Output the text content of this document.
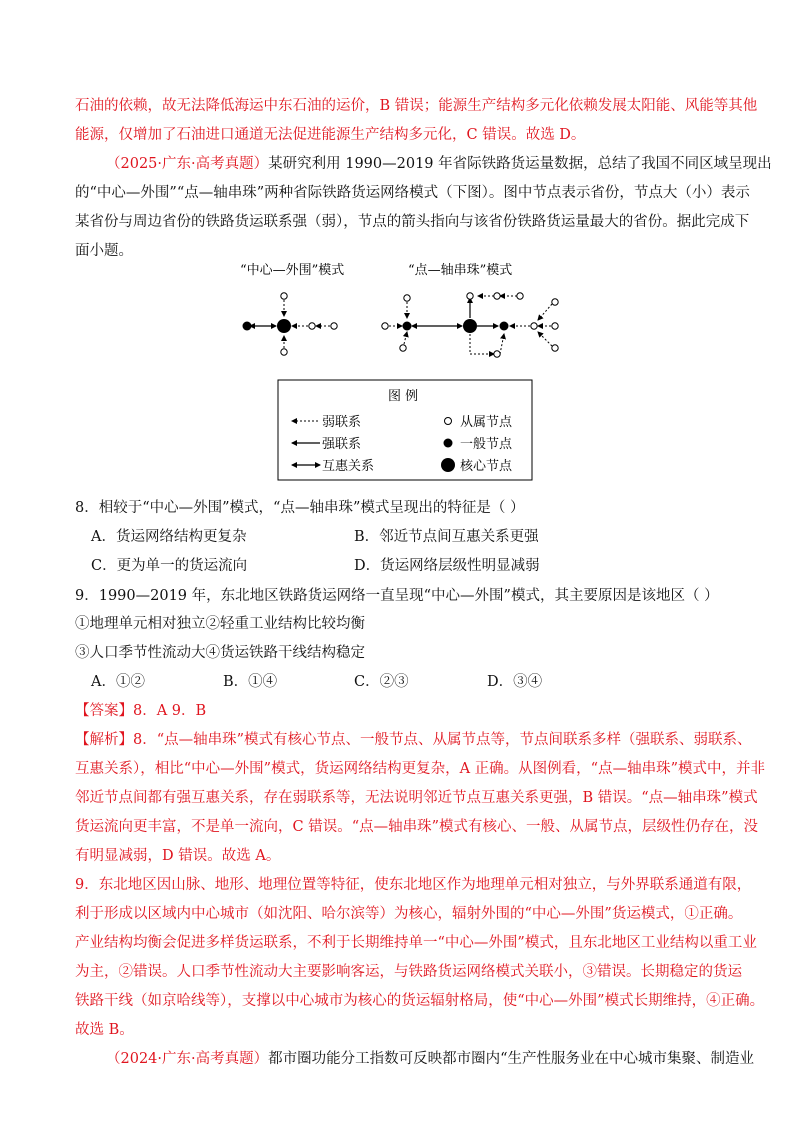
石油的依赖，故无法降低海运中东石油的运价，B 错误；能源生产结构多元化依赖发展太阳能、风能等其他
能源，仅增加了石油进口通道无法促进能源生产结构多元化，C 错误。故选 D。
（2025·广东·高考真题）某研究利用 1990—2019 年省际铁路货运量数据，总结了我国不同区域呈现出
的“中心—外围”“点—轴串珠”两种省际铁路货运网络模式（下图）。图中节点表示省份，节点大（小）表示
某省份与周边省份的铁路货运联系强（弱），节点的箭头指向与该省份铁路货运量最大的省份。据此完成下
面小题。
“中心—外围”模式	“点—轴串珠”模式
图 例
弱联系
强联系
互惠关系
从属节点
一般节点
核心节点
8．相较于“中心—外围”模式，“点—轴串珠”模式呈现出的特征是（ ）
A．货运网络结构更复杂	B．邻近节点间互惠关系更强
C．更为单一的货运流向	D．货运网络层级性明显减弱
9．1990—2019 年，东北地区铁路货运网络一直呈现“中心—外围”模式，其主要原因是该地区（ ）
①地理单元相对独立②轻重工业结构比较均衡
③人口季节性流动大④货运铁路干线结构稳定
A．①②	B．①④	C．②③	D．③④
【答案】8．A 9．B
【解析】8．“点—轴串珠”模式有核心节点、一般节点、从属节点等，节点间联系多样（强联系、弱联系、
互惠关系），相比“中心—外围”模式，货运网络结构更复杂，A 正确。从图例看，“点—轴串珠”模式中，并非
邻近节点间都有强互惠关系，存在弱联系等，无法说明邻近节点互惠关系更强，B 错误。“点—轴串珠”模式
货运流向更丰富，不是单一流向，C 错误。“点—轴串珠”模式有核心、一般、从属节点，层级性仍存在，没
有明显减弱，D 错误。故选 A。
9．东北地区因山脉、地形、地理位置等特征，使东北地区作为地理单元相对独立，与外界联系通道有限，
利于形成以区域内中心城市（如沈阳、哈尔滨等）为核心，辐射外围的“中心—外围”货运模式，①正确。
产业结构均衡会促进多样货运联系，不利于长期维持单一“中心—外围”模式，且东北地区工业结构以重工业
为主，②错误。人口季节性流动大主要影响客运，与铁路货运网络模式关联小，③错误。长期稳定的货运
铁路干线（如京哈线等），支撑以中心城市为核心的货运辐射格局，使“中心—外围”模式长期维持，④正确。
故选 B。
（2024·广东·高考真题）都市圈功能分工指数可反映都市圈内“生产性服务业在中心城市集聚、制造业
